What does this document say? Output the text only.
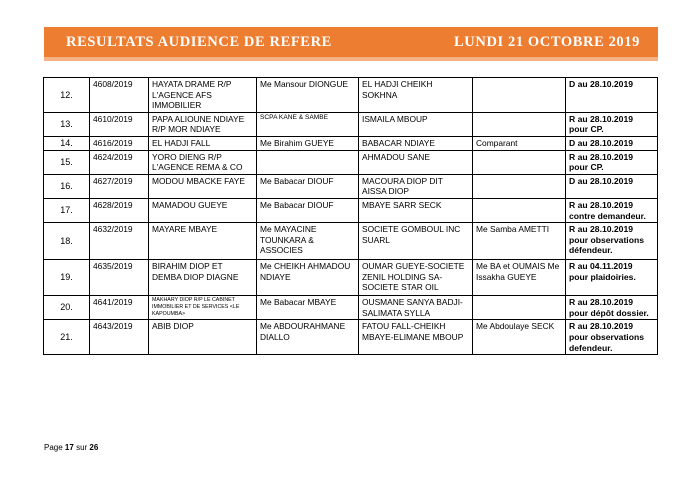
RESULTATS AUDIENCE DE REFERE	LUNDI 21 OCTOBRE 2019
12.	4608/2019	HAYATA DRAME R/P L'AGENCE AFS IMMOBILIER	Me Mansour DIONGUE	EL HADJI CHEIKH SOKHNA		D au 28.10.2019
13.	4610/2019	PAPA ALIOUNE NDIAYE R/P MOR NDIAYE	SCPA KANE & SAMBE	ISMAILA MBOUP		R au 28.10.2019 pour CP.
14.	4616/2019	EL HADJI FALL	Me Birahim GUEYE	BABACAR NDIAYE	Comparant	D au 28.10.2019
15.	4624/2019	YORO DIENG R/P L'AGENCE REMA & CO		AHMADOU SANE		R au 28.10.2019 pour CP.
16.	4627/2019	MODOU MBACKE FAYE	Me Babacar DIOUF	MACOURA DIOP DIT AISSA DIOP		D au 28.10.2019
17.	4628/2019	MAMADOU GUEYE	Me Babacar DIOUF	MBAYE SARR SECK		R au 28.10.2019 contre demandeur.
18.	4632/2019	MAYARE MBAYE	Me MAYACINE TOUNKARA & ASSOCIES	SOCIETE GOMBOUL INC SUARL	Me Samba AMETTI	R au 28.10.2019 pour observations défendeur.
19.	4635/2019	BIRAHIM DIOP ET DEMBA DIOP DIAGNE	Me CHEIKH AHMADOU NDIAYE	OUMAR GUEYE-SOCIETE ZENIL HOLDING SA-SOCIETE STAR OIL	Me BA et OUMAIS Me Issakha GUEYE	R au 04.11.2019 pour plaidoiries.
20.	4641/2019	MAKHARY DIOP R/P LE CABINET IMMOBILIER ET DE SERVICES <LE KAPOUMBA>	Me Babacar MBAYE	OUSMANE SANYA BADJI-SALIMATA SYLLA		R au 28.10.2019 pour dépôt dossier.
21.	4643/2019	ABIB DIOP	Me ABDOURAHMANE DIALLO	FATOU FALL-CHEIKH MBAYE-ELIMANE MBOUP	Me Abdoulaye SECK	R au 28.10.2019 pour observations defendeur.
Page 17 sur 26
